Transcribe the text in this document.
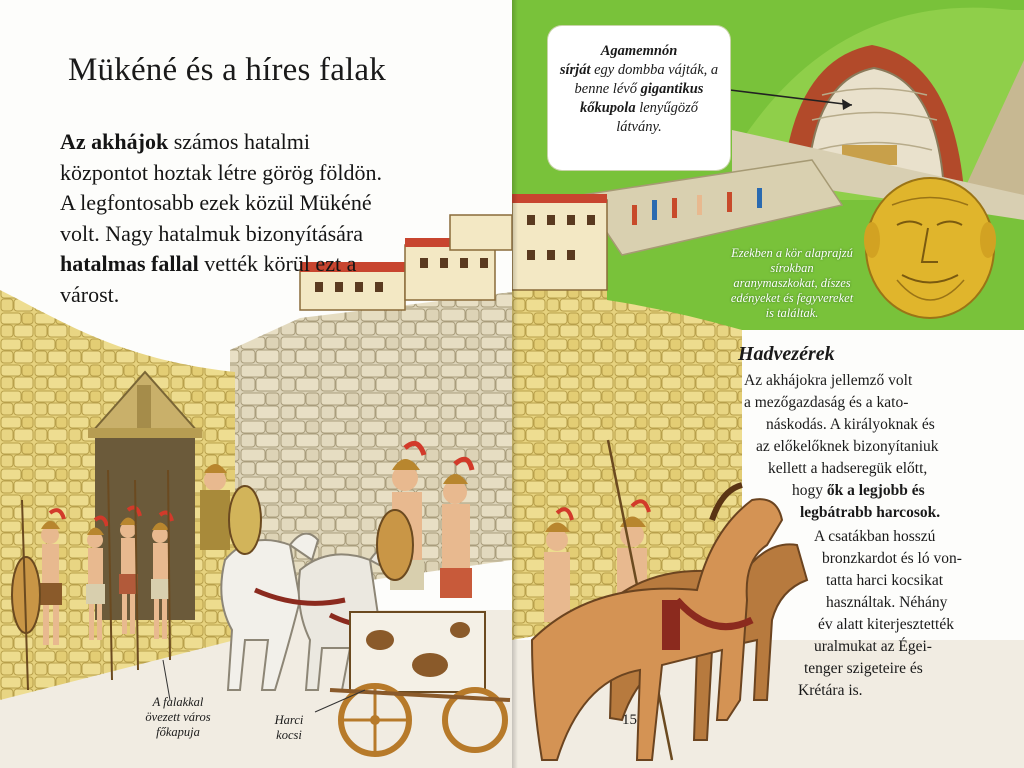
Mükéné és a híres falak
Az akhájok számos hatalmi központot hoztak létre görög földön. A legfontosabb ezek közül Mükéné volt. Nagy hatalmuk bizonyítására hatalmas fallal vették körül ezt a várost.
A falakkal
övezett város
főkapuja
Harci
kocsi
Agamemnón
sírját egy dombba vájták, a benne lévő gigantikus kőkupola lenyűgöző látvány.
Ezekben a kör alaprajzú sírokban aranymaszkokat, díszes edényeket és fegyvereket is találtak.
Hadvezérek
Az akhájokra jellemző volt
a mezőgazdaság és a kato-
náskodás. A királyoknak és
az előkelőknek bizonyítaniuk
kellett a hadseregük előtt,
hogy ők a legjobb és
legbátrabb harcosok.
A csatákban hosszú
bronzkardot és ló von-
tatta harci kocsikat
használtak. Néhány
év alatt kiterjesztették
uralmukat az Égei-
tenger szigeteire és
Krétára is.
15
